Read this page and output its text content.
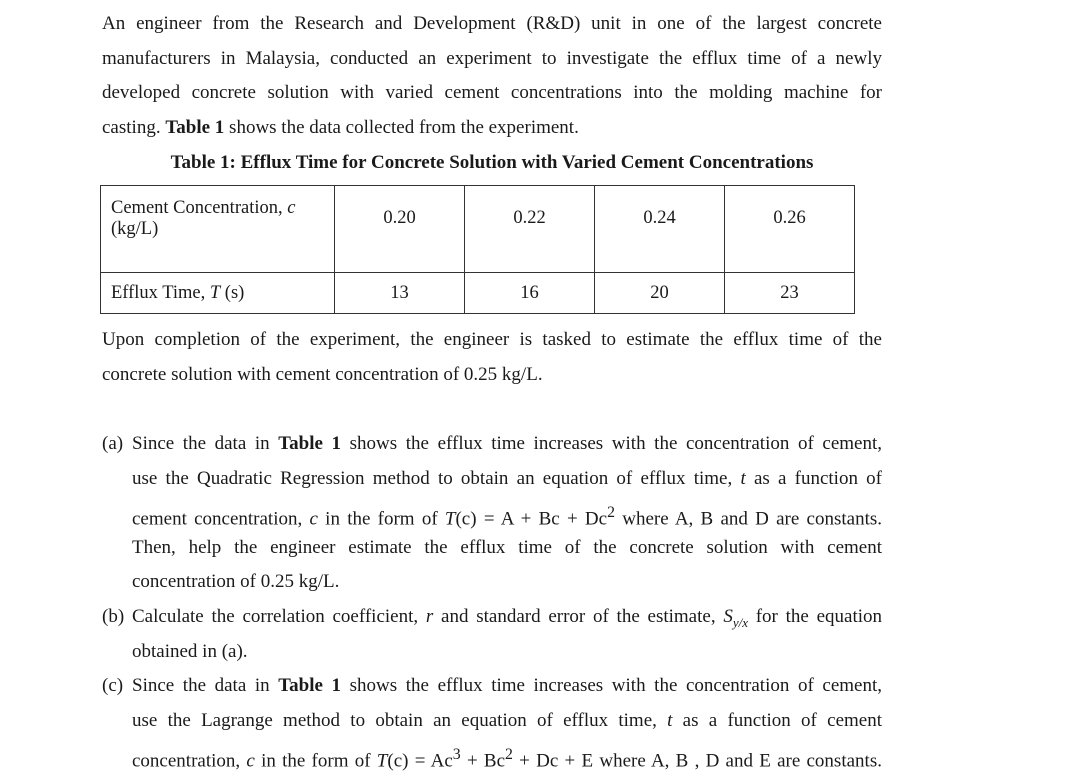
An engineer from the Research and Development (R&D) unit in one of the largest concrete
manufacturers in Malaysia, conducted an experiment to investigate the efflux time of a newly
developed concrete solution with varied cement concentrations into the molding machine for
casting. Table 1 shows the data collected from the experiment.
Table 1: Efflux Time for Concrete Solution with Varied Cement Concentrations
Cement Concentration, c
(kg/L)	0.20	0.22	0.24	0.26
Efflux Time, T (s)	13	16	20	23
Upon completion of the experiment, the engineer is tasked to estimate the efflux time of the
concrete solution with cement concentration of 0.25 kg/L.
(a) Since the data in Table 1 shows the efflux time increases with the concentration of cement,
use the Quadratic Regression method to obtain an equation of efflux time, t as a function of
cement concentration, c in the form of $T(c) = A + Bc + Dc^2$ where A, B and D are constants.
Then, help the engineer estimate the efflux time of the concrete solution with cement
concentration of 0.25 kg/L.
(b) Calculate the correlation coefficient, r and standard error of the estimate, $S_{y/x}$ for the equation
obtained in (a).
(c) Since the data in Table 1 shows the efflux time increases with the concentration of cement,
use the Lagrange method to obtain an equation of efflux time, t as a function of cement
concentration, c in the form of $T(c) = Ac^3 + Bc^2 + Dc + E$ where A, B , D and E are constants.
